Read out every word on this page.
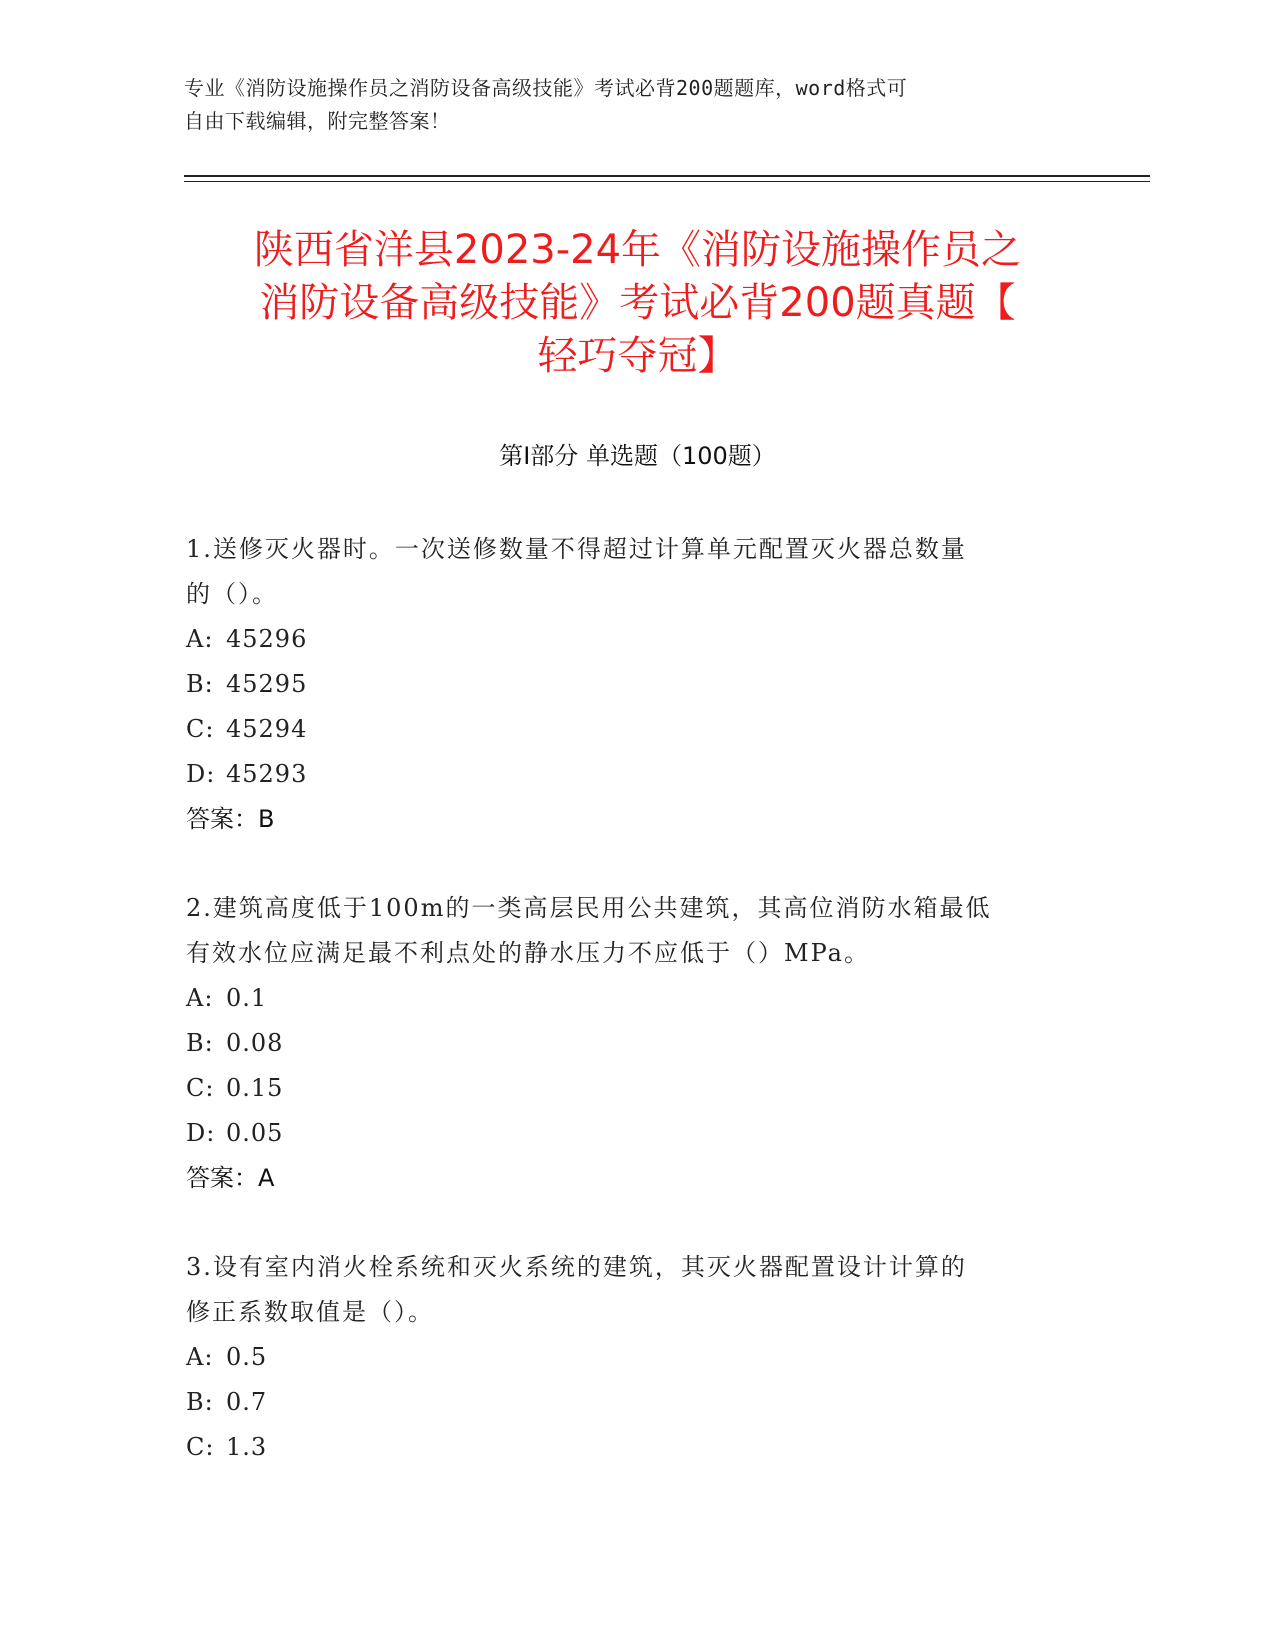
专业《消防设施操作员之消防设备高级技能》考试必背200题题库，word格式可
自由下载编辑，附完整答案！
陕西省洋县2023-24年《消防设施操作员之
消防设备高级技能》考试必背200题真题【
轻巧夺冠】
第Ⅰ部分 单选题（100题）
1.送修灭火器时。一次送修数量不得超过计算单元配置灭火器总数量
的（）。
A: 45296
B: 45295
C: 45294
D: 45293
答案：B
2.建筑高度低于100m的一类高层民用公共建筑，其高位消防水箱最低
有效水位应满足最不利点处的静水压力不应低于（）MPa。
A: 0.1
B: 0.08
C: 0.15
D: 0.05
答案：A
3.设有室内消火栓系统和灭火系统的建筑，其灭火器配置设计计算的
修正系数取值是（）。
A: 0.5
B: 0.7
C: 1.3
